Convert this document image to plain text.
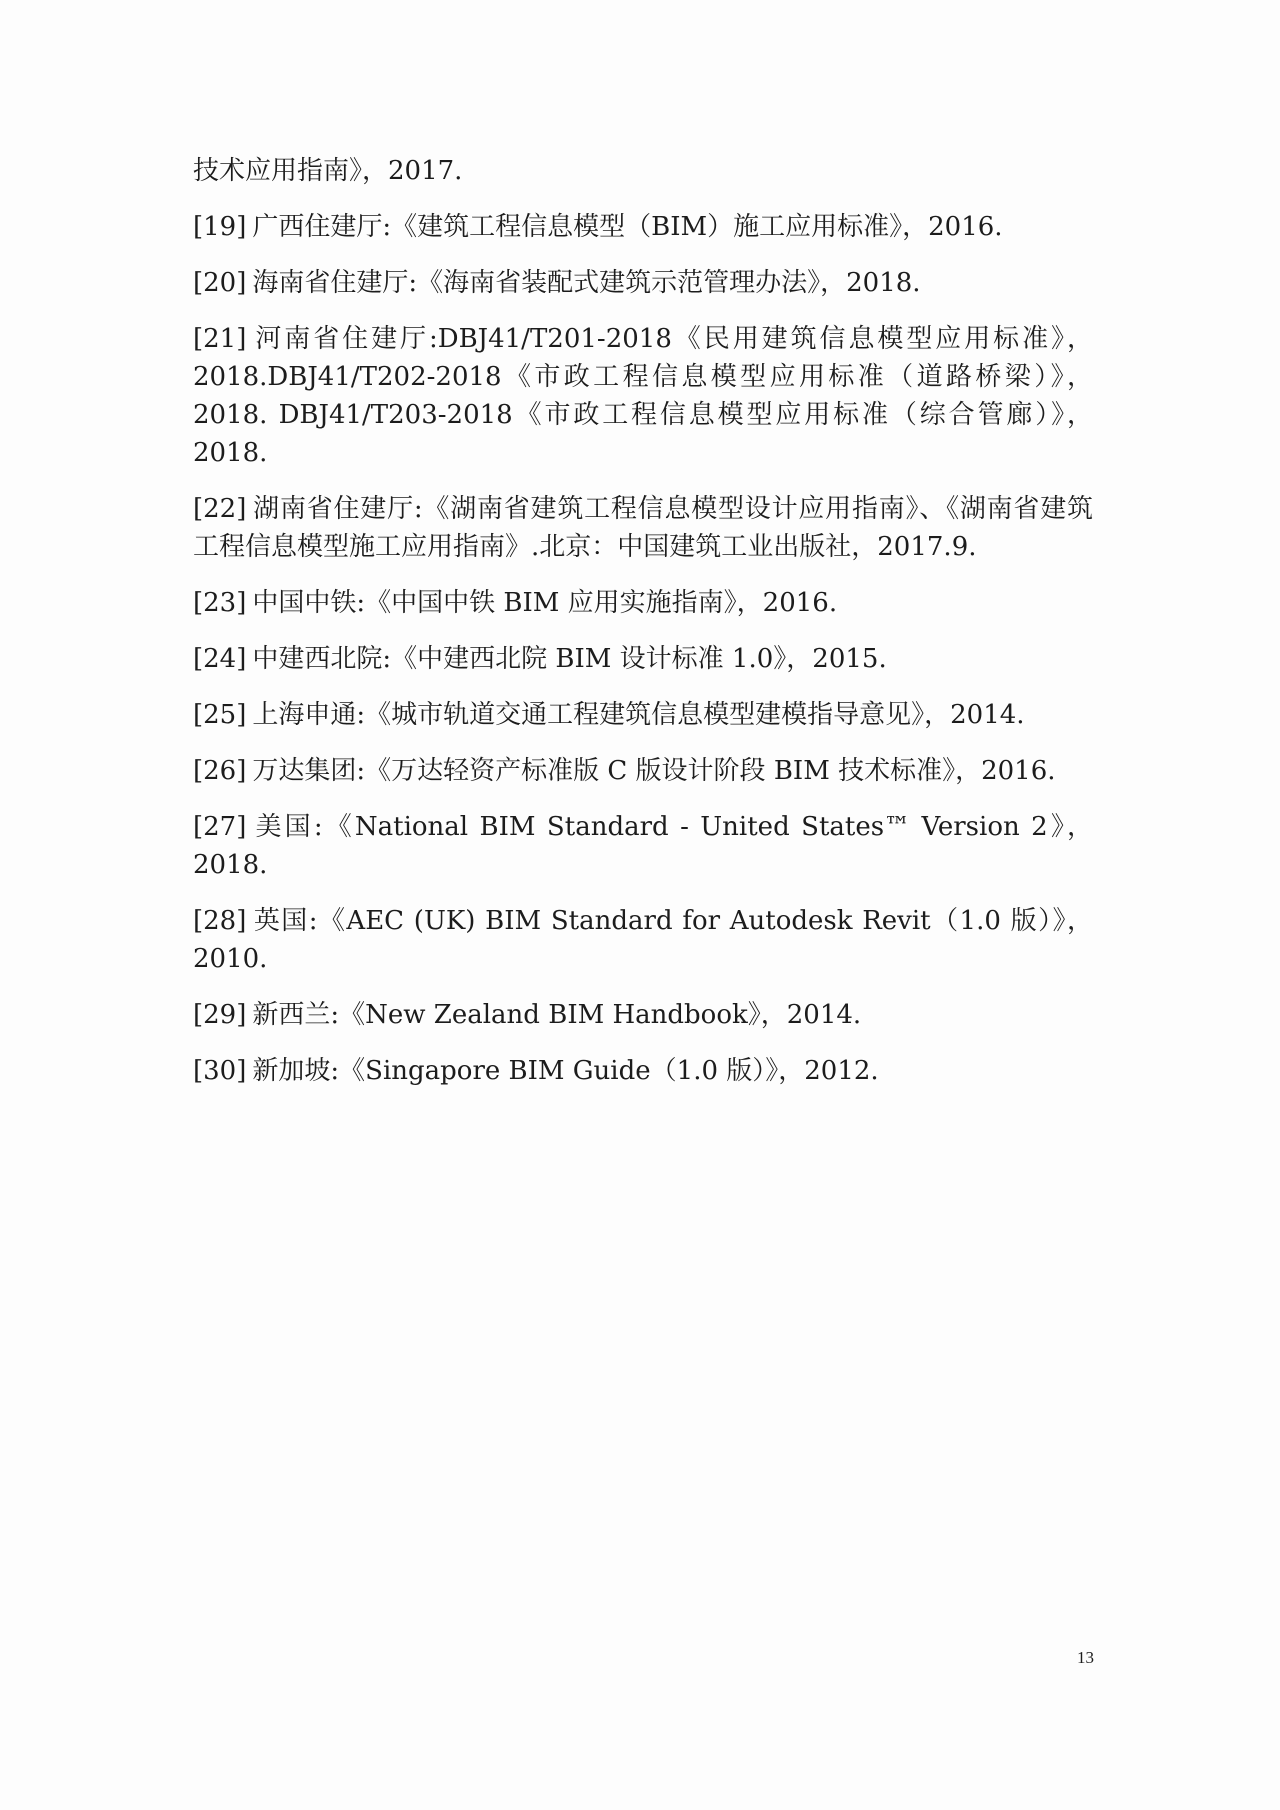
技术应用指南》，2017.

[19] 广西住建厅:《建筑工程信息模型（BIM）施工应用标准》，2016.

[20] 海南省住建厅:《海南省装配式建筑示范管理办法》，2018.

[21] 河南省住建厅:DBJ41/T201-2018《民用建筑信息模型应用标准》，2018.DBJ41/T202-2018《市政工程信息模型应用标准（道路桥梁）》，2018. DBJ41/T203-2018《市政工程信息模型应用标准（综合管廊）》，2018.

[22] 湖南省住建厅:《湖南省建筑工程信息模型设计应用指南》、《湖南省建筑工程信息模型施工应用指南》.北京：中国建筑工业出版社，2017.9.

[23] 中国中铁:《中国中铁 BIM 应用实施指南》，2016.

[24] 中建西北院:《中建西北院 BIM 设计标准 1.0》，2015.

[25] 上海申通:《城市轨道交通工程建筑信息模型建模指导意见》，2014.

[26] 万达集团:《万达轻资产标准版 C 版设计阶段 BIM 技术标准》，2016.

[27] 美国:《National BIM Standard - United States™ Version 2》，2018.

[28] 英国:《AEC (UK) BIM Standard for Autodesk Revit（1.0 版）》，2010.

[29] 新西兰:《New Zealand BIM Handbook》，2014.

[30] 新加坡:《Singapore BIM Guide（1.0 版）》，2012.

13
